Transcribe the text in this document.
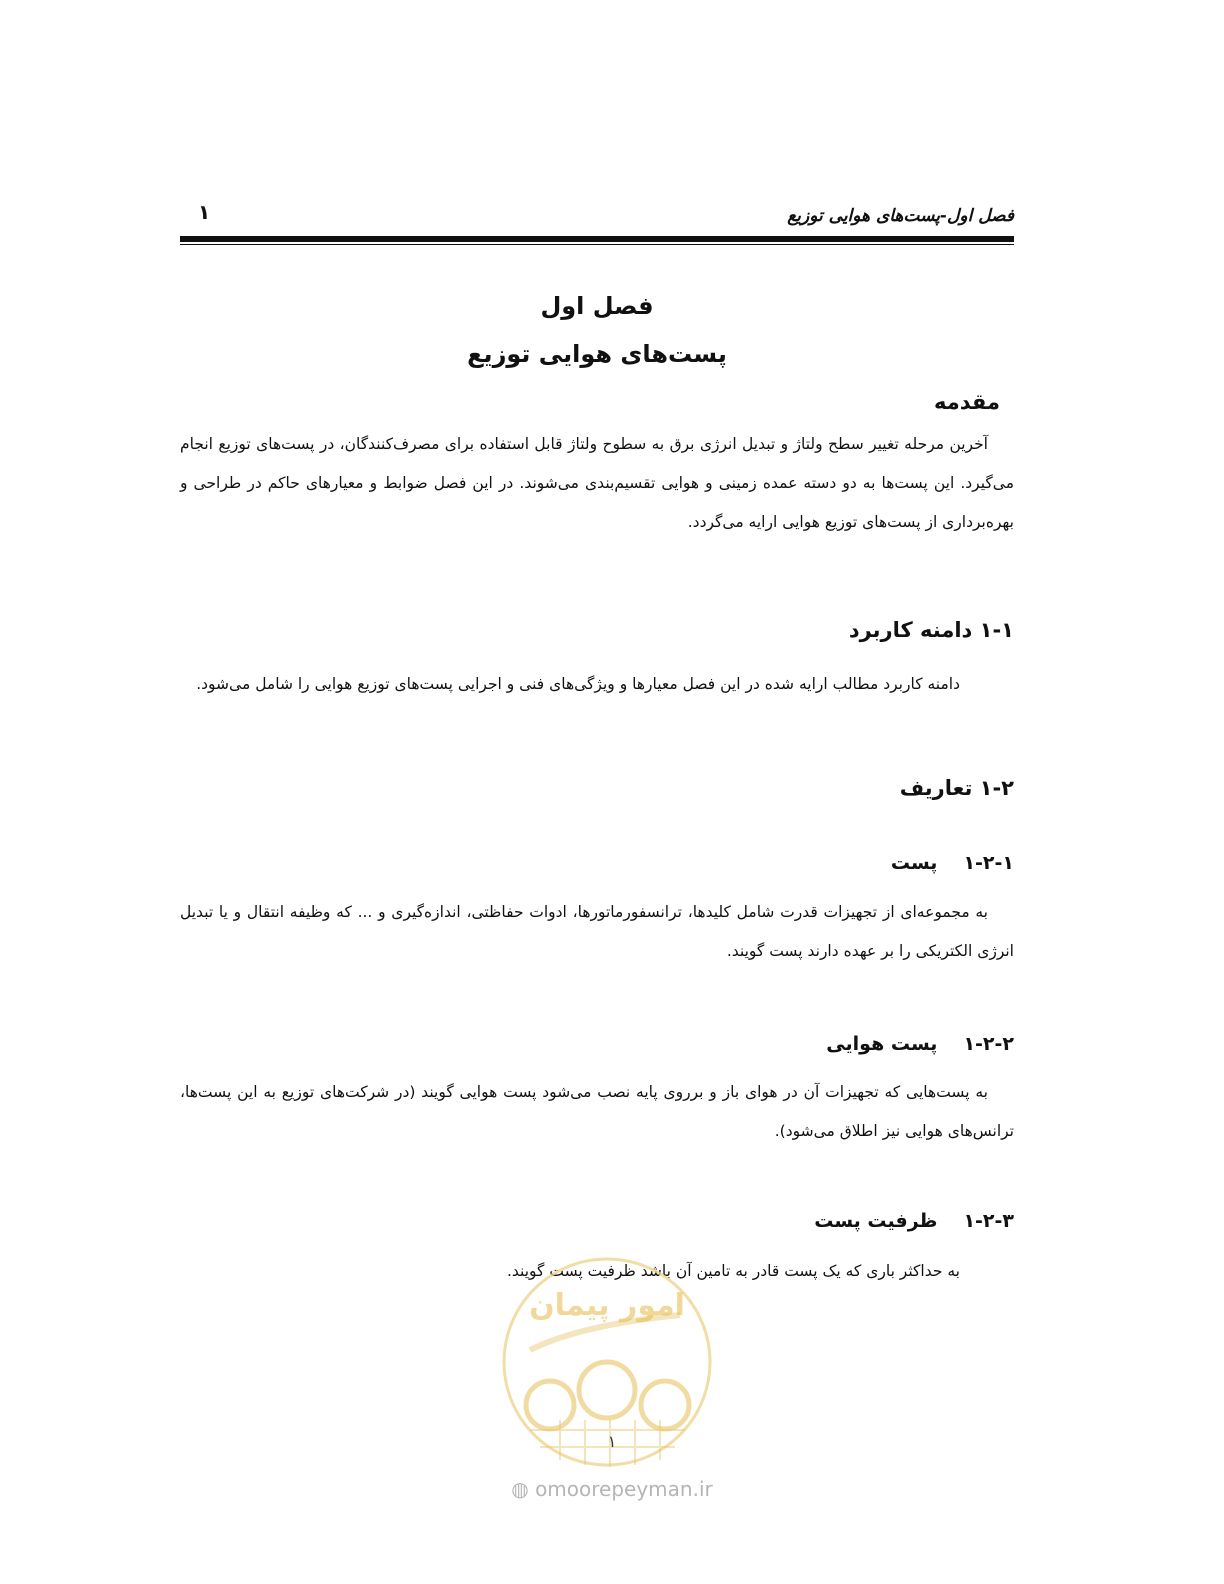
۱	فصل اول-پست‌های هوایی توزیع
فصل اول
پست‌های هوایی توزیع
مقدمه

آخرین مرحله تغییر سطح ولتاژ و تبدیل انرژی برق به سطوح ولتاژ قابل استفاده برای مصرف‌کنندگان، در پست‌های توزیع انجام می‌گیرد. این پست‌ها به دو دسته عمده زمینی و هوایی تقسیم‌بندی می‌شوند. در این فصل ضوابط و معیارهای حاکم در طراحی و بهره‌برداری از پست‌های توزیع هوایی ارایه می‌گردد.

۱-۱ دامنه کاربرد

دامنه کاربرد مطالب ارایه شده در این فصل معیارها و ویژگی‌های فنی و اجرایی پست‌های توزیع هوایی را شامل می‌شود.

۱-۲ تعاریف
۱-۲-۱پست

به مجموعه‌ای از تجهیزات قدرت شامل کلیدها، ترانسفورماتورها، ادوات حفاظتی، اندازه‌گیری و ... که وظیفه انتقال و یا تبدیل انرژی الکتریکی را بر عهده دارند پست گویند.

۱-۲-۲پست هوایی

به پست‌هایی که تجهیزات آن در هوای باز و برروی پایه نصب می‌شود پست هوایی گویند (در شرکت‌های توزیع به این پست‌ها، ترانس‌های هوایی نیز اطلاق می‌شود).

۱-۲-۳ظرفیت پست

به حداکثر باری که یک پست قادر به تامین آن باشد ظرفیت پست گویند.

امور پیمان
۱
◍ omoorepeyman.ir
